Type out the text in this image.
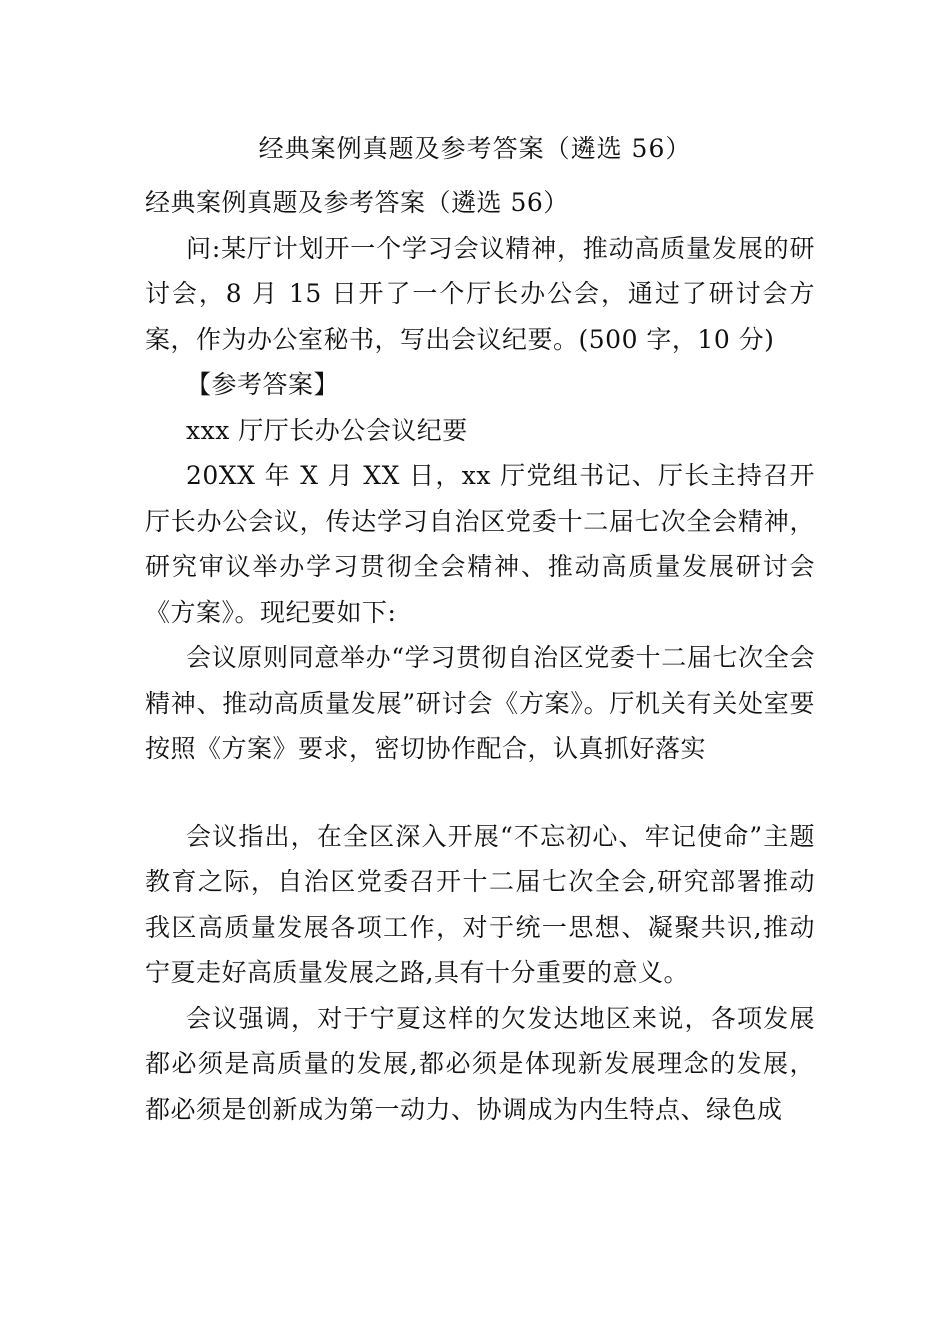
经典案例真题及参考答案（遴选 56）

经典案例真题及参考答案（遴选 56）

问:某厅计划开一个学习会议精神，推动高质量发展的研讨会，8 月 15 日开了一个厅长办公会，通过了研讨会方案，作为办公室秘书，写出会议纪要。(500 字，10 分)

【参考答案】

xxx 厅厅长办公会议纪要

20XX 年 X 月 XX 日，xx 厅党组书记、厅长主持召开厅长办公会议，传达学习自治区党委十二届七次全会精神，研究审议举办学习贯彻全会精神、推动高质量发展研讨会《方案》。现纪要如下:

会议原则同意举办“学习贯彻自治区党委十二届七次全会精神、推动高质量发展”研讨会《方案》。厅机关有关处室要按照《方案》要求，密切协作配合，认真抓好落实

会议指出，在全区深入开展“不忘初心、牢记使命”主题教育之际，自治区党委召开十二届七次全会,研究部署推动我区高质量发展各项工作，对于统一思想、凝聚共识,推动宁夏走好高质量发展之路,具有十分重要的意义。

会议强调，对于宁夏这样的欠发达地区来说，各项发展都必须是高质量的发展,都必须是体现新发展理念的发展，都必须是创新成为第一动力、协调成为内生特点、绿色成
